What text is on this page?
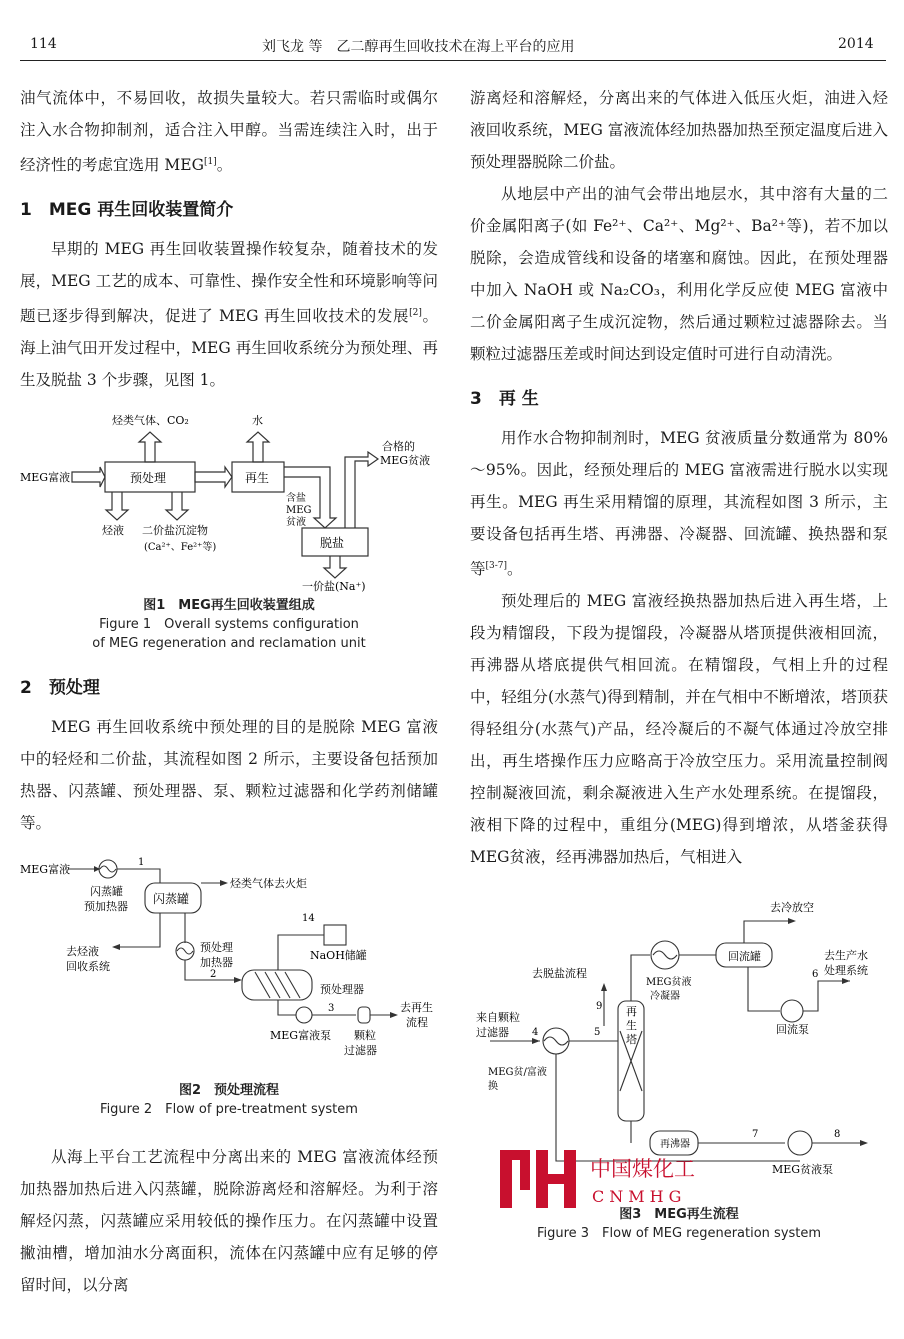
114	刘飞龙 等　乙二醇再生回收技术在海上平台的应用	2014

油气流体中，不易回收，故损失量较大。若只需临时或偶尔注入水合物抑制剂，适合注入甲醇。当需连续注入时，出于经济性的考虑宜选用 MEG[1]。

1　MEG 再生回收装置简介

早期的 MEG 再生回收装置操作较复杂，随着技术的发展，MEG 工艺的成本、可靠性、操作安全性和环境影响等问题已逐步得到解决，促进了 MEG 再生回收技术的发展[2]。海上油气田开发过程中，MEG 再生回收系统分为预处理、再生及脱盐 3 个步骤，见图 1。

MEG富液	预处理	再生
脱盐
烃类气体、CO₂	水
烃液 二价盐沉淀物
(Ca²⁺、Fe²⁺等)
含盐
MEG
贫液
合格的
MEG贫液
一价盐(Na⁺)
图1　MEG再生回收装置组成
Figure 1　Overall systems configuration
of MEG regeneration and reclamation unit
2　预处理

MEG 再生回收系统中预处理的目的是脱除 MEG 富液中的轻烃和二价盐，其流程如图 2 所示，主要设备包括预加热器、闪蒸罐、预处理器、泵、颗粒过滤器和化学药剂储罐等。

MEG富液
1
闪蒸罐
预加热器
闪蒸罐
烃类气体去火炬
去烃液
回收系统
预处理
加热器
2
14
NaOH储罐
预处理器
3
MEG富液泵 颗粒
过滤器
去再生
流程
图2　预处理流程
Figure 2　Flow of pre-treatment system

从海上平台工艺流程中分离出来的 MEG 富液流体经预加热器加热后进入闪蒸罐，脱除游离烃和溶解烃。为利于溶解烃闪蒸，闪蒸罐应采用较低的操作压力。在闪蒸罐中设置撇油槽，增加油水分离面积，流体在闪蒸罐中应有足够的停留时间，以分离

游离烃和溶解烃，分离出来的气体进入低压火炬，油进入烃液回收系统，MEG 富液流体经加热器加热至预定温度后进入预处理器脱除二价盐。

从地层中产出的油气会带出地层水，其中溶有大量的二价金属阳离子(如 Fe²⁺、Ca²⁺、Mg²⁺、Ba²⁺等)，若不加以脱除，会造成管线和设备的堵塞和腐蚀。因此，在预处理器中加入 NaOH 或 Na₂CO₃，利用化学反应使 MEG 富液中二价金属阳离子生成沉淀物，然后通过颗粒过滤器除去。当颗粒过滤器压差或时间达到设定值时可进行自动清洗。

3　再 生

用作水合物抑制剂时，MEG 贫液质量分数通常为 80% ～95%。因此，经预处理后的 MEG 富液需进行脱水以实现再生。MEG 再生采用精馏的原理，其流程如图 3 所示，主要设备包括再生塔、再沸器、冷凝器、回流罐、换热器和泵等[3-7]。

预处理后的 MEG 富液经换热器加热后进入再生塔，上段为精馏段，下段为提馏段，冷凝器从塔顶提供液相回流，再沸器从塔底提供气相回流。在精馏段，气相上升的过程中，轻组分(水蒸气)得到精制，并在气相中不断增浓，塔顶获得轻组分(水蒸气)产品，经冷凝后的不凝气体通过冷放空排出，再生塔操作压力应略高于冷放空压力。采用流量控制阀控制凝液回流，剩余凝液进入生产水处理系统。在提馏段，液相下降的过程中，重组分(MEG)得到增浓，从塔釜获得MEG贫液，经再沸器加热后，气相进入

去冷放空
回流罐
MEG贫液
冷凝器
去生产水
处理系统
6
回流泵
去脱盐流程
9 再
生
塔
来自颗粒
过滤器 4	5
MEG贫/富液
换
再沸器
7	8
MEG贫液泵
图3　MEG再生流程
Figure 3　Flow of MEG regeneration system
中国煤化工
CNMHG
